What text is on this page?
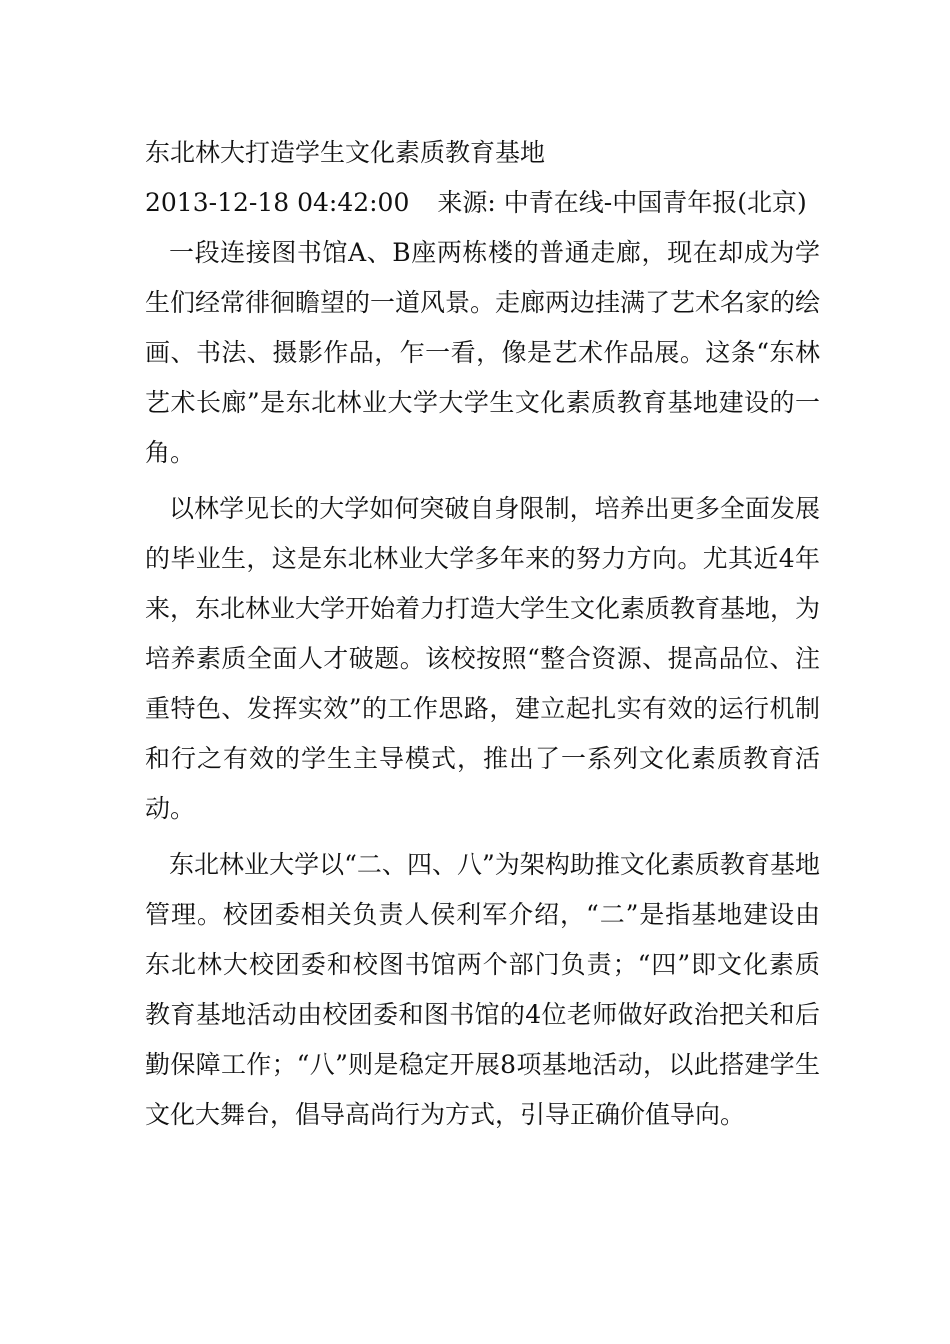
东北林大打造学生文化素质教育基地

2013-12-18 04:42:00 来源: 中青在线-中国青年报(北京)

一段连接图书馆A、B座两栋楼的普通走廊，现在却成为学生们经常徘徊瞻望的一道风景。走廊两边挂满了艺术名家的绘画、书法、摄影作品，乍一看，像是艺术作品展。这条“东林艺术长廊”是东北林业大学大学生文化素质教育基地建设的一角。

以林学见长的大学如何突破自身限制，培养出更多全面发展的毕业生，这是东北林业大学多年来的努力方向。尤其近4年来，东北林业大学开始着力打造大学生文化素质教育基地，为培养素质全面人才破题。该校按照“整合资源、提高品位、注重特色、发挥实效”的工作思路，建立起扎实有效的运行机制和行之有效的学生主导模式，推出了一系列文化素质教育活动。

东北林业大学以“二、四、八”为架构助推文化素质教育基地管理。校团委相关负责人侯利军介绍，“二”是指基地建设由东北林大校团委和校图书馆两个部门负责；“四”即文化素质教育基地活动由校团委和图书馆的4位老师做好政治把关和后勤保障工作；“八”则是稳定开展8项基地活动，以此搭建学生文化大舞台，倡导高尚行为方式，引导正确价值导向。
